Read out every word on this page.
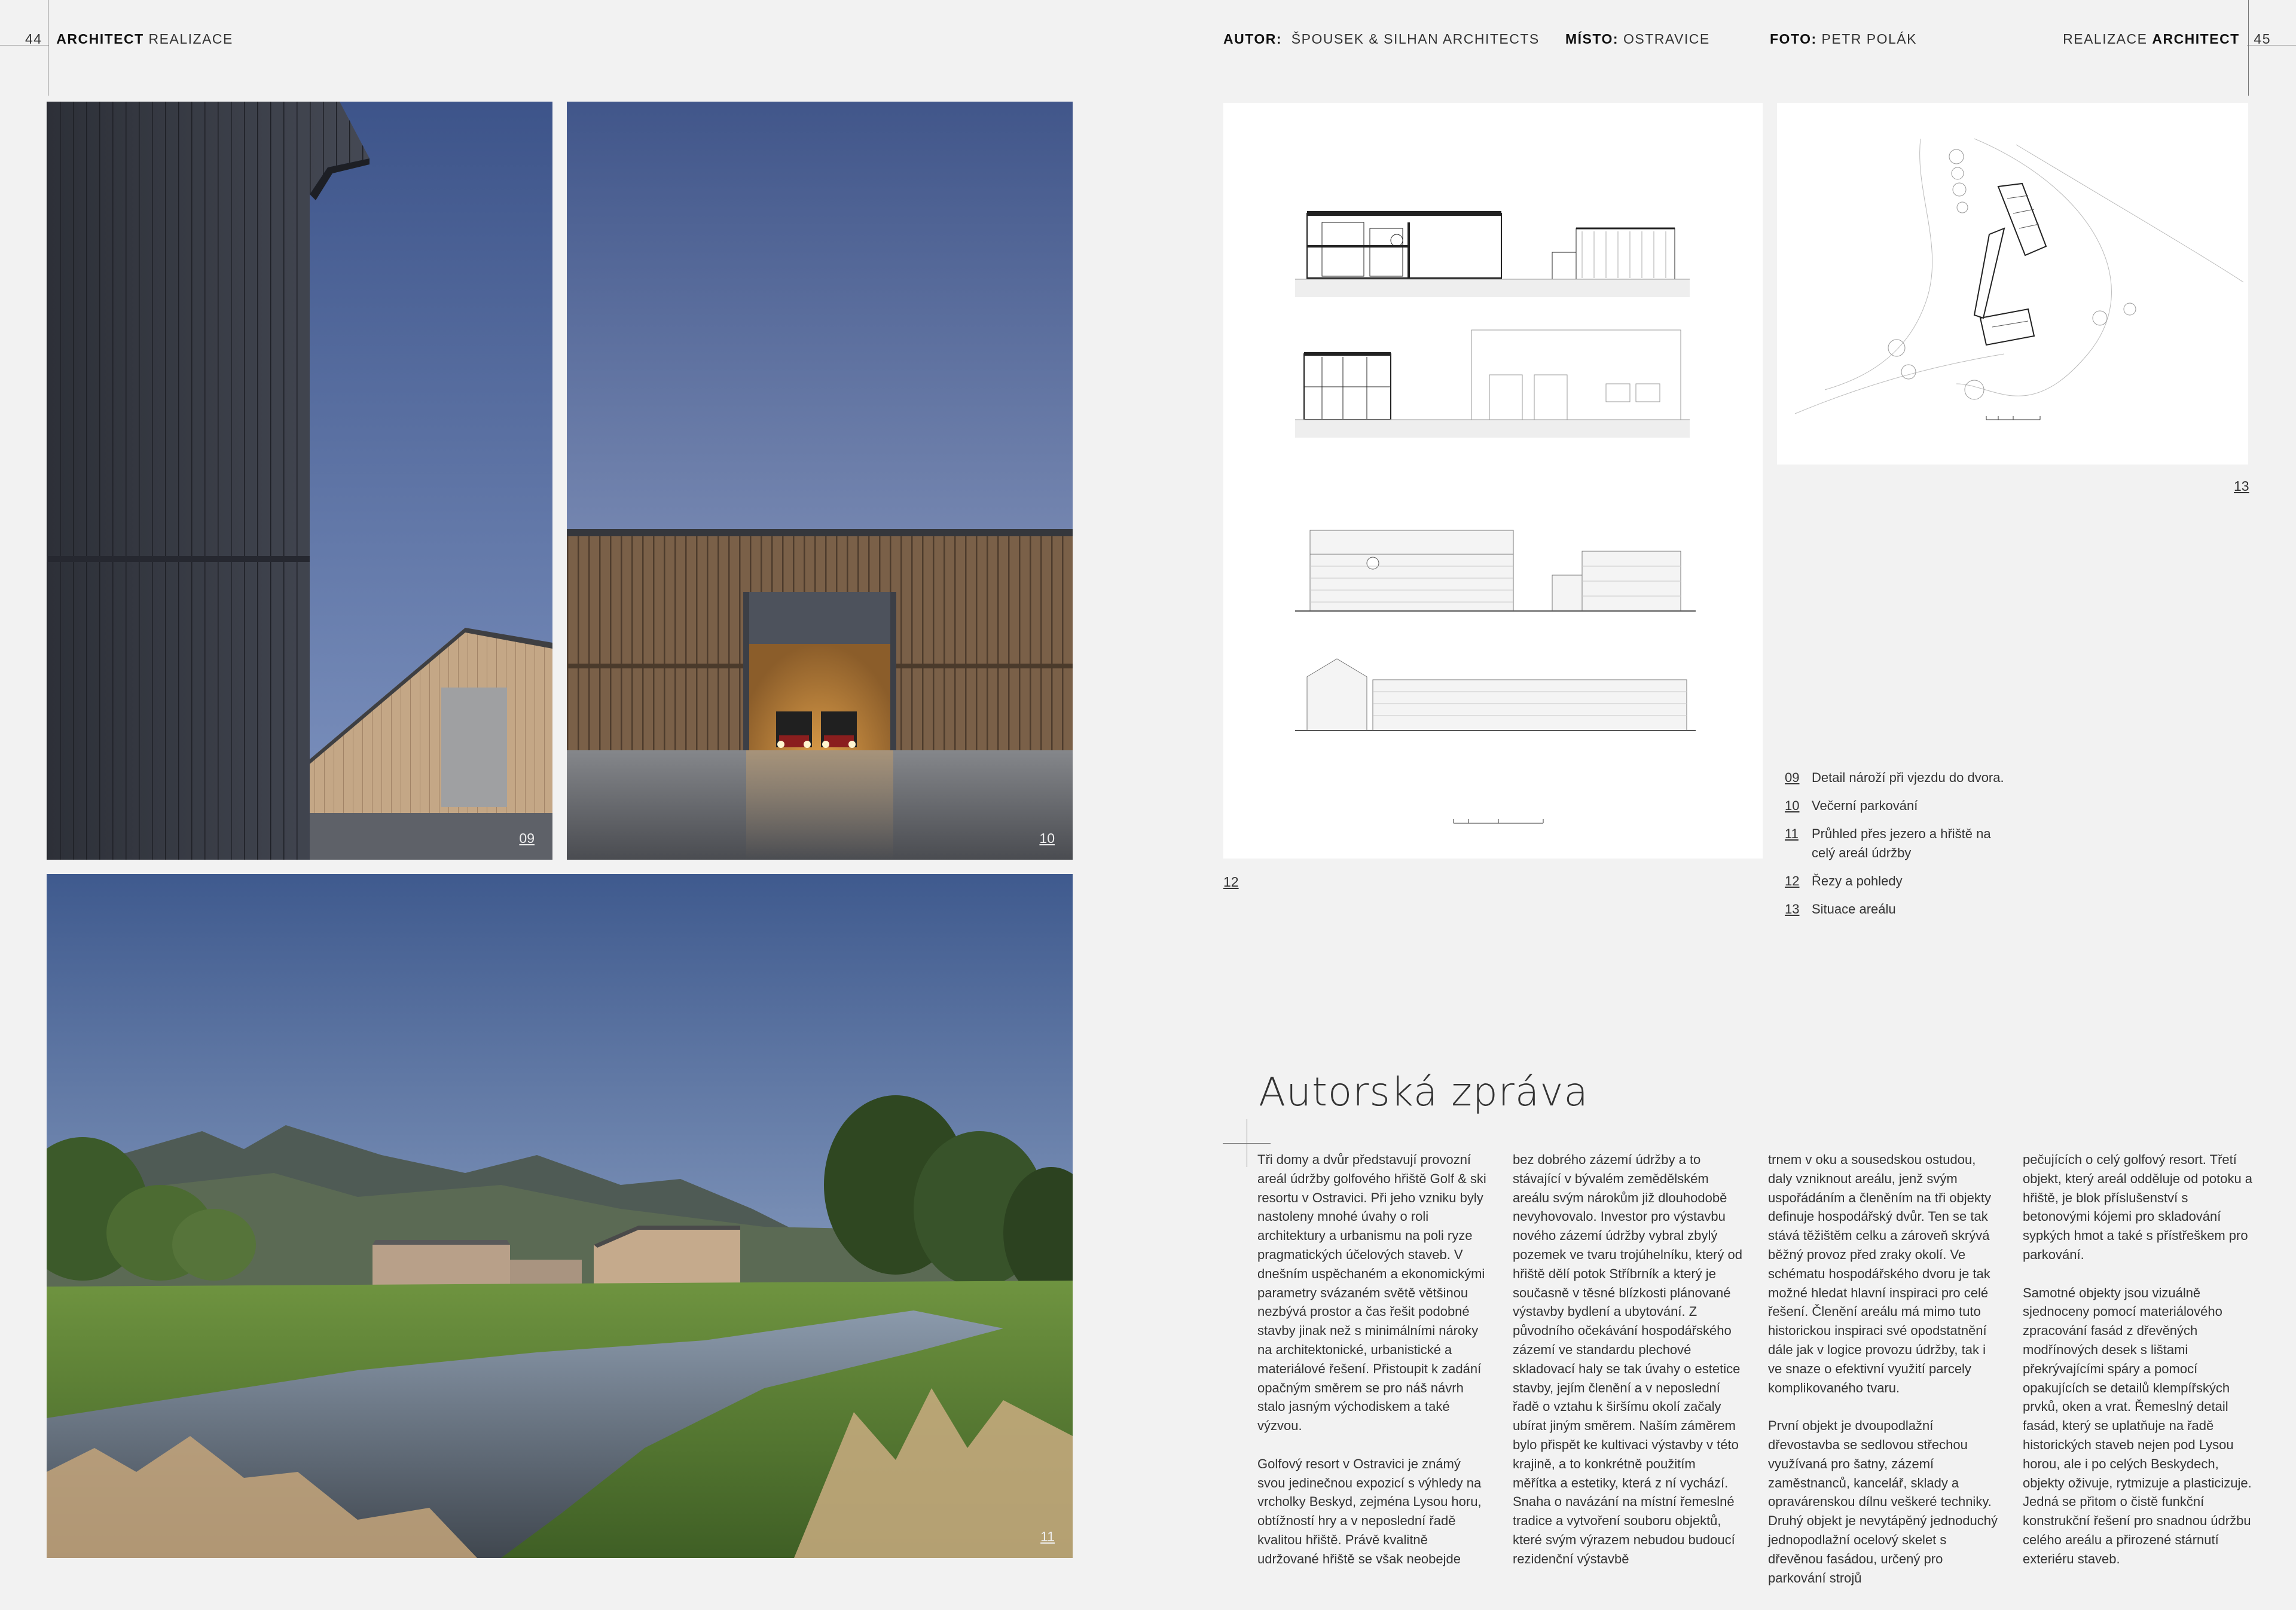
44 ARCHITECT REALIZACE	AUTOR: ŠPOUSEK & SILHAN ARCHITECTS MÍSTO: OSTRAVICE	FOTO: PETR POLÁK	REALIZACE ARCHITECT 45
09	10
11
12
13
09 Detail nároží při vjezdu do dvora.
10 Večerní parkování
11	Průhled přes jezero a hřiště na celý areál údržby
12 Řezy a pohledy
13 Situace areálu
Autorská zpráva

Tři domy a dvůr představují provozní areál údržby golfového hřiště Golf & ski resortu v Ostravici. Při jeho vzniku byly nastoleny mnohé úvahy o roli architektury a urbanismu na poli ryze pragmatických účelových staveb. V dnešním uspěchaném a ekonomickými parametry svázaném světě většinou nezbývá prostor a čas řešit podobné stavby jinak než s minimálními nároky na architektonické, urbanistické a materiálové řešení. Přistoupit k zadání opačným směrem se pro náš návrh stalo jasným východiskem a také výzvou.

Golfový resort v Ostravici je známý svou jedinečnou expozicí s výhledy na vrcholky Beskyd, zejména Lysou horu, obtížností hry a v neposlední řadě kvalitou hřiště. Právě kvalitně udržované hřiště se však neobejde

bez dobrého zázemí údržby a to stávající v bývalém zemědělském areálu svým nárokům již dlouhodobě nevyhovovalo. Investor pro výstavbu nového zázemí údržby vybral zbylý pozemek ve tvaru trojúhelníku, který od hřiště dělí potok Stříbrník a který je současně v těsné blízkosti plánované výstavby bydlení a ubytování. Z původního očekávání hospodářského zázemí ve standardu plechové skladovací haly se tak úvahy o estetice stavby, jejím členění a v neposlední řadě o vztahu k širšímu okolí začaly ubírat jiným směrem. Naším záměrem bylo přispět ke kultivaci výstavby v této krajině, a to konkrétně použitím měřítka a estetiky, která z ní vychází. Snaha o navázání na místní řemeslné tradice a vytvoření souboru objektů, které svým výrazem nebudou budoucí rezidenční výstavbě

trnem v oku a sousedskou ostudou, daly vzniknout areálu, jenž svým uspořádáním a členěním na tři objekty definuje hospodářský dvůr. Ten se tak stává těžištěm celku a zároveň skrývá běžný provoz před zraky okolí. Ve schématu hospodářského dvoru je tak možné hledat hlavní inspiraci pro celé řešení. Členění areálu má mimo tuto historickou inspiraci své opodstatnění dále jak v logice provozu údržby, tak i ve snaze o efektivní využití parcely komplikovaného tvaru.

První objekt je dvoupodlažní dřevostavba se sedlovou střechou využívaná pro šatny, zázemí zaměstnanců, kancelář, sklady a opravárenskou dílnu veškeré techniky. Druhý objekt je nevytápěný jednoduchý jednopodlažní ocelový skelet s dřevěnou fasádou, určený pro parkování strojů

pečujících o celý golfový resort. Třetí objekt, který areál odděluje od potoku a hřiště, je blok příslušenství s betonovými kójemi pro skladování sypkých hmot a také s přístřeškem pro parkování.

Samotné objekty jsou vizuálně sjednoceny pomocí materiálového zpracování fasád z dřevěných modřínových desek s lištami překrývajícími spáry a pomocí opakujících se detailů klempířských prvků, oken a vrat. Řemeslný detail fasád, který se uplatňuje na řadě historických staveb nejen pod Lysou horou, ale i po celých Beskydech, objekty oživuje, rytmizuje a plasticizuje. Jedná se přitom o čistě funkční konstrukční řešení pro snadnou údržbu celého areálu a přirozené stárnutí exteriéru staveb.
